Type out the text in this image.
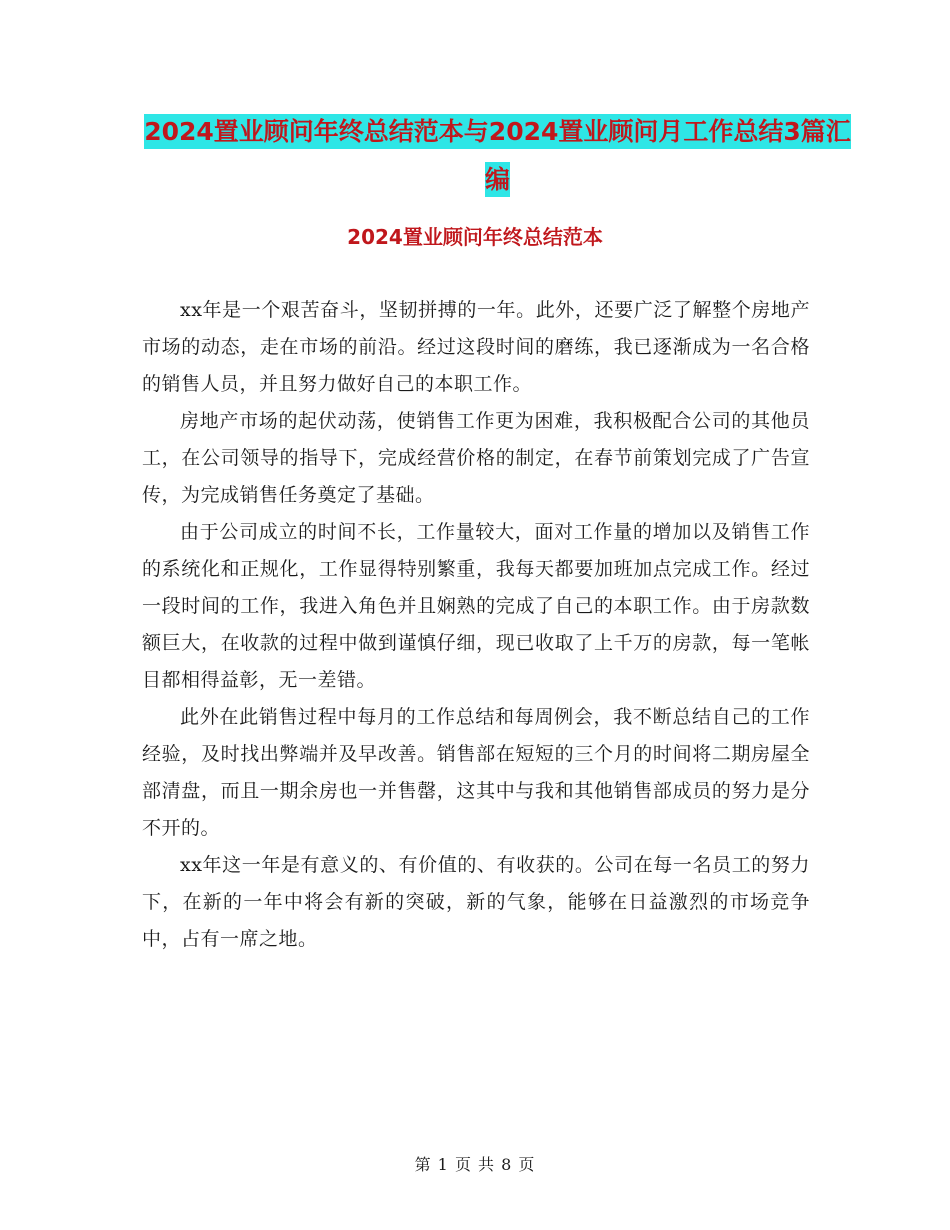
2024置业顾问年终总结范本与2024置业顾问月工作总结3篇汇编
2024置业顾问年终总结范本

xx年是一个艰苦奋斗，坚韧拼搏的一年。此外，还要广泛了解整个房地产市场的动态，走在市场的前沿。经过这段时间的磨练，我已逐渐成为一名合格的销售人员，并且努力做好自己的本职工作。

房地产市场的起伏动荡，使销售工作更为困难，我积极配合公司的其他员工，在公司领导的指导下，完成经营价格的制定，在春节前策划完成了广告宣传，为完成销售任务奠定了基础。

由于公司成立的时间不长，工作量较大，面对工作量的增加以及销售工作的系统化和正规化，工作显得特别繁重，我每天都要加班加点完成工作。经过一段时间的工作，我进入角色并且娴熟的完成了自己的本职工作。由于房款数额巨大，在收款的过程中做到谨慎仔细，现已收取了上千万的房款，每一笔帐目都相得益彰，无一差错。

此外在此销售过程中每月的工作总结和每周例会，我不断总结自己的工作经验，及时找出弊端并及早改善。销售部在短短的三个月的时间将二期房屋全部清盘，而且一期余房也一并售罄，这其中与我和其他销售部成员的努力是分不开的。

xx年这一年是有意义的、有价值的、有收获的。公司在每一名员工的努力下，在新的一年中将会有新的突破，新的气象，能够在日益激烈的市场竞争中，占有一席之地。

第 1 页 共 8 页
